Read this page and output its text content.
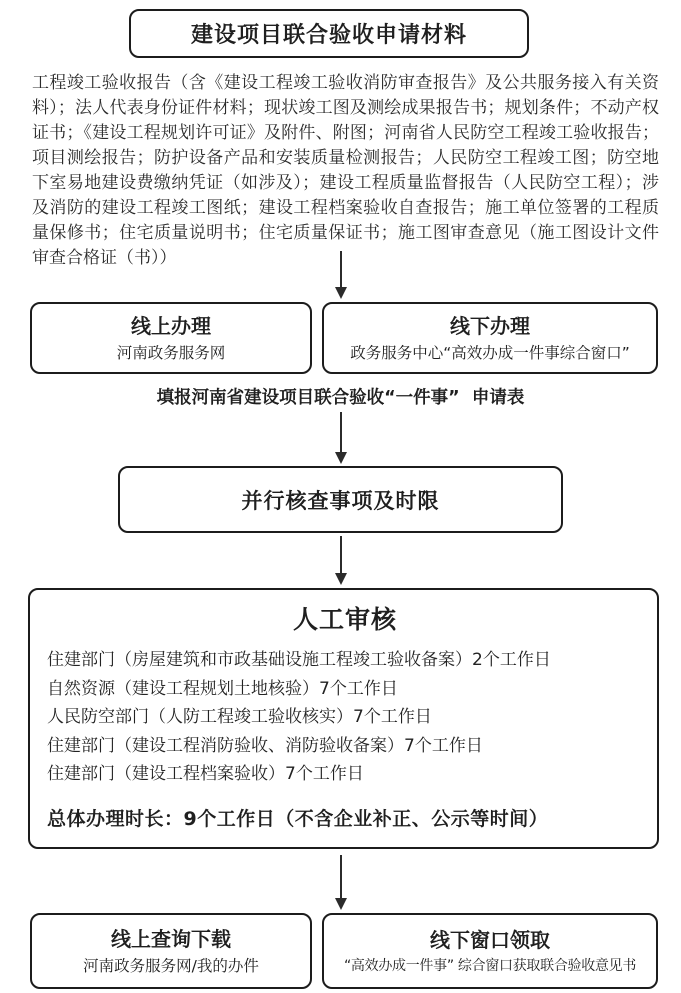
建设项目联合验收申请材料
工程竣工验收报告（含《建设工程竣工验收消防审查报告》及公共服务接入有关资料）；法人代表身份证件材料；现状竣工图及测绘成果报告书；规划条件；不动产权证书；《建设工程规划许可证》及附件、附图；河南省人民防空工程竣工验收报告；项目测绘报告；防护设备产品和安装质量检测报告；人民防空工程竣工图；防空地下室易地建设费缴纳凭证（如涉及）；建设工程质量监督报告（人民防空工程）；涉及消防的建设工程竣工图纸；建设工程档案验收自查报告；施工单位签署的工程质量保修书；住宅质量说明书；住宅质量保证书；施工图审查意见（施工图设计文件审查合格证（书））
线上办理
河南政务服务网
线下办理
政务服务中心“高效办成一件事综合窗口”
填报河南省建设项目联合验收“一件事”  申请表
并行核查事项及时限
人工审核
住建部门（房屋建筑和市政基础设施工程竣工验收备案）2个工作日
自然资源（建设工程规划土地核验）7个工作日
人民防空部门（人防工程竣工验收核实）7个工作日
住建部门（建设工程消防验收、消防验收备案）7个工作日
住建部门（建设工程档案验收）7个工作日
总体办理时长：9个工作日（不含企业补正、公示等时间）
线上查询下载
河南政务服务网/我的办件
线下窗口领取
“高效办成一件事” 综合窗口获取联合验收意见书
